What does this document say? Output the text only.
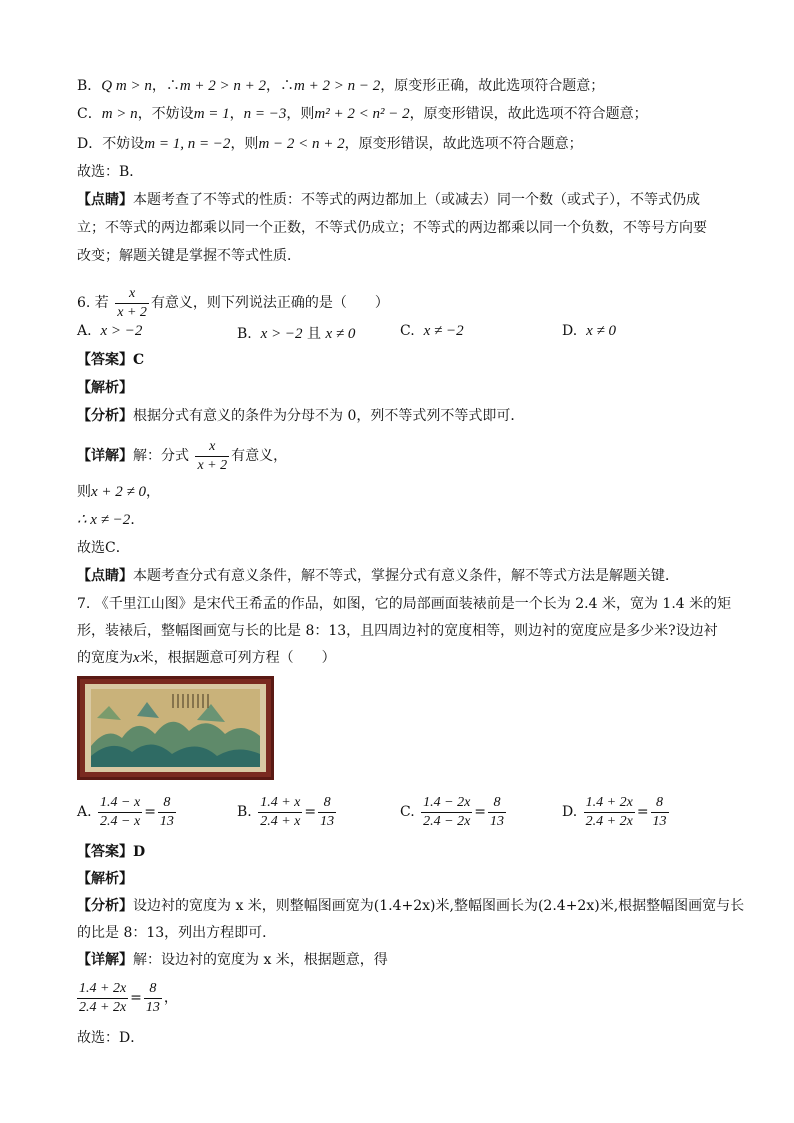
B．Q m > n，∴m + 2 > n + 2，∴m + 2 > n − 2，原变形正确，故此选项符合题意；
C．m > n，不妨设m = 1，n = −3，则m² + 2 < n² − 2，原变形错误，故此选项不符合题意；
D．不妨设m = 1, n = −2，则m − 2 < n + 2，原变形错误，故此选项不符合题意；
故选：B．
【点睛】本题考查了不等式的性质：不等式的两边都加上（或减去）同一个数（或式子），不等式仍成
立；不等式的两边都乘以同一个正数，不等式仍成立；不等式的两边都乘以同一个负数，不等号方向要
改变；解题关键是掌握不等式性质．
6. 若 $\frac{x}{x + 2}$ 有意义，则下列说法正确的是（　　）
A. x > −2	B. x > −2 且 x ≠ 0	C. x ≠ −2	D. x ≠ 0
【答案】C
【解析】
【分析】根据分式有意义的条件为分母不为 0，列不等式列不等式即可．
【详解】解：分式 $\frac{x}{x + 2}$ 有意义，
则x + 2 ≠ 0，
∴ x ≠ −2．
故选C．
【点睛】本题考查分式有意义条件，解不等式，掌握分式有意义条件，解不等式方法是解题关键．
7. 《千里江山图》是宋代王希孟的作品，如图，它的局部画面装裱前是一个长为 2.4 米，宽为 1.4 米的矩
形，装裱后，整幅图画宽与长的比是 8：13，且四周边衬的宽度相等，则边衬的宽度应是多少米?设边衬
的宽度为x米，根据题意可列方程（　　）
A. $\frac{1.4 - x}{2.4 - x} = \frac{8}{13}$	B. $\frac{1.4 + x}{2.4 + x} = \frac{8}{13}$	C. $\frac{1.4 - 2x}{2.4 - 2x} = \frac{8}{13}$	D. $\frac{1.4 + 2x}{2.4 + 2x} = \frac{8}{13}$
【答案】D
【解析】
【分析】设边衬的宽度为 x 米，则整幅图画宽为(1.4+2x)米,整幅图画长为(2.4+2x)米,根据整幅图画宽与长
的比是 8：13，列出方程即可．
【详解】解：设边衬的宽度为 x 米，根据题意，得
$\frac{1.4 + 2x}{2.4 + 2x} = \frac{8}{13}$ ，
故选：D．
